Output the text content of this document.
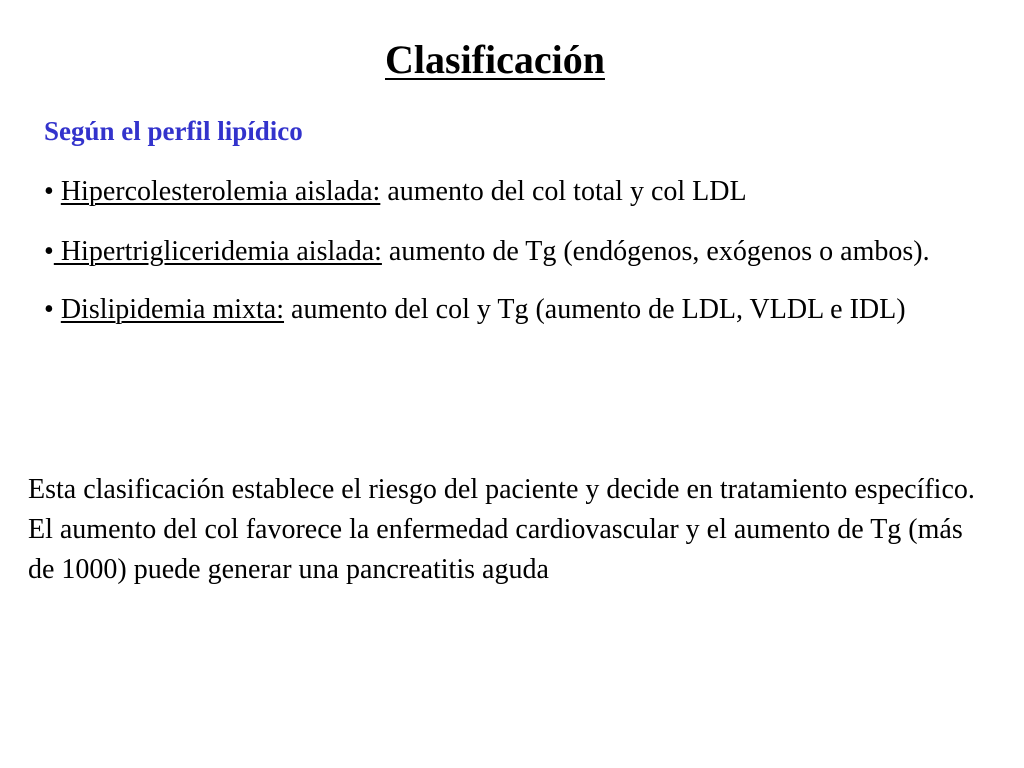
Clasificación

Según el perfil lipídico

• Hipercolesterolemia aislada: aumento del col total y col LDL
• Hipertrigliceridemia aislada: aumento de Tg (endógenos, exógenos o ambos).
• Dislipidemia mixta: aumento del col y Tg (aumento de LDL, VLDL e IDL)

Esta clasificación establece el riesgo del paciente y decide en tratamiento específico. El aumento del col favorece la enfermedad cardiovascular y el aumento de Tg (más de 1000) puede generar una pancreatitis aguda
